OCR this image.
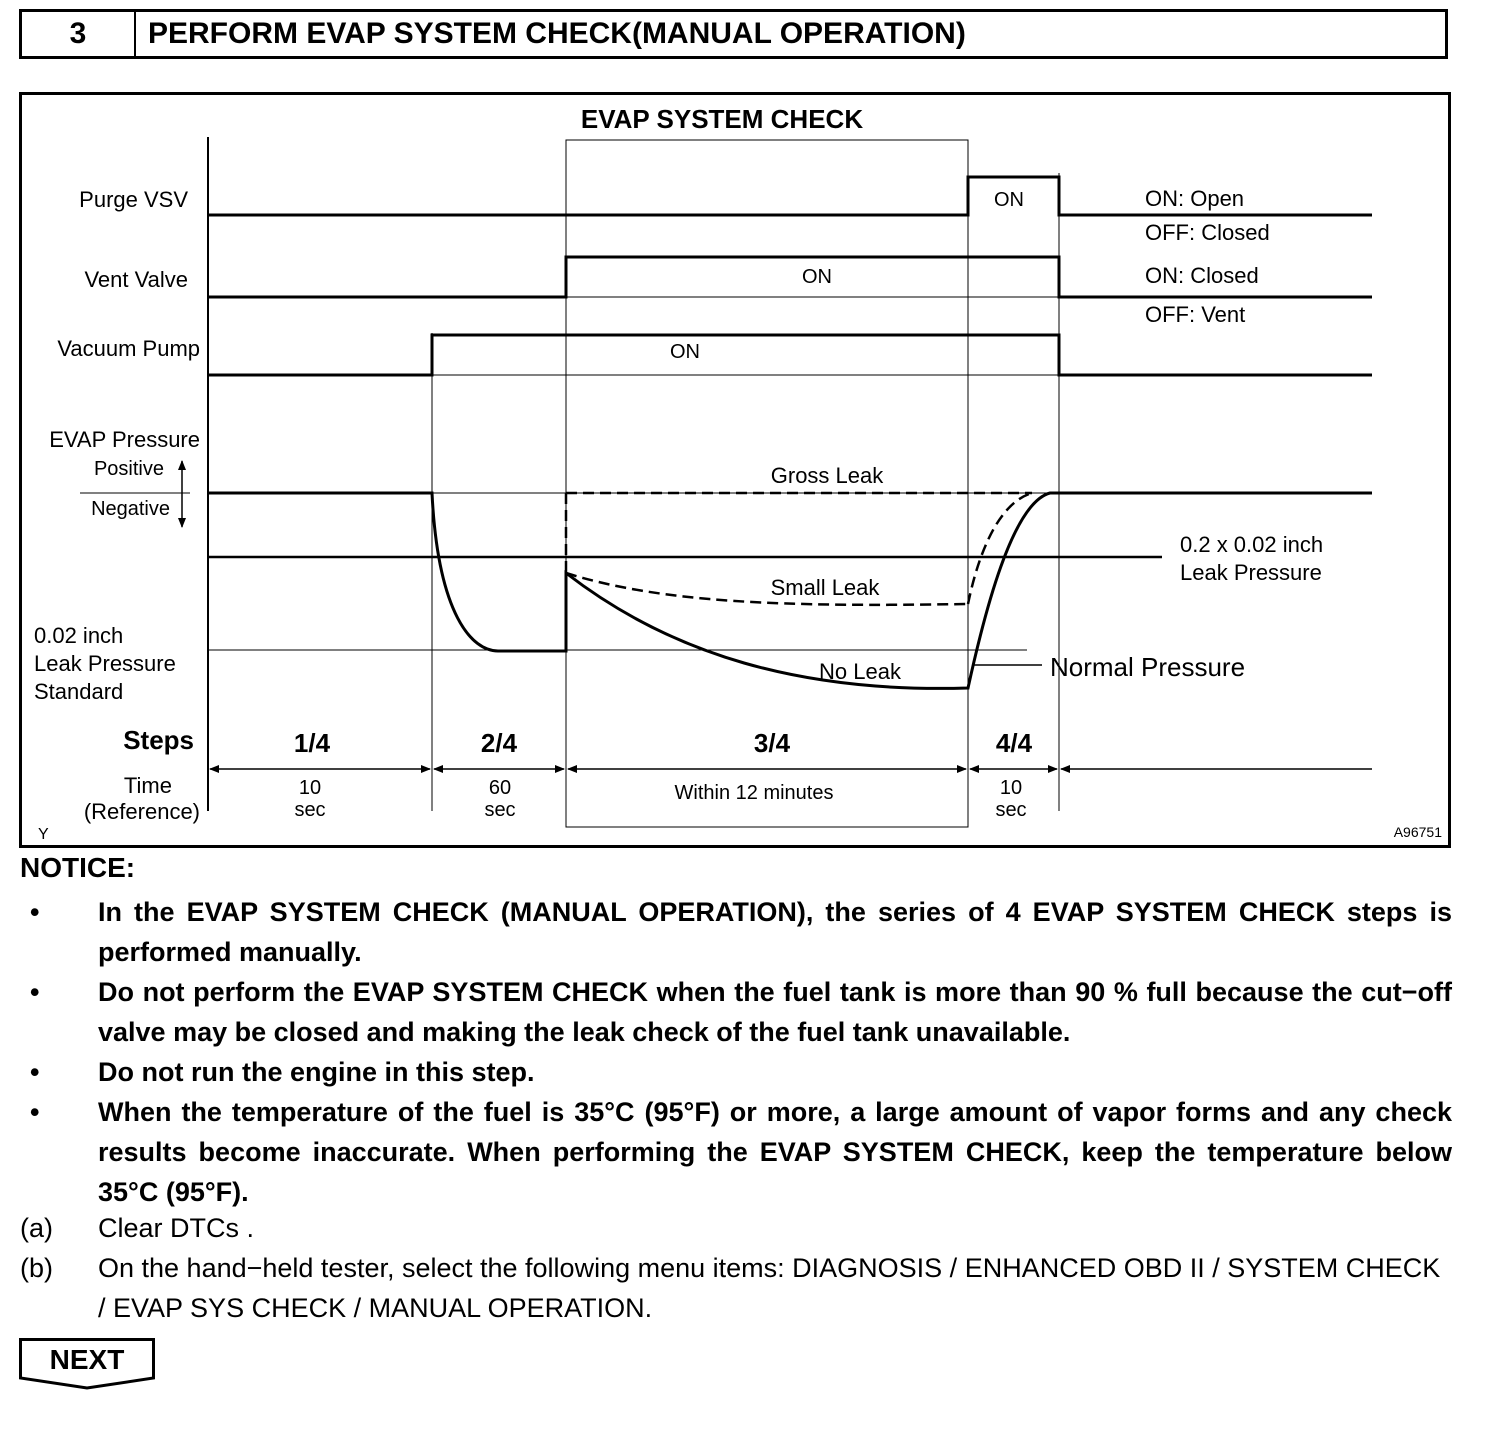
3	PERFORM EVAP SYSTEM CHECK(MANUAL OPERATION)
EVAP SYSTEM CHECK
Purge VSV
Vent Valve
Vacuum Pump
EVAP Pressure
Positive
Negative
ON
ON
ON
ON: Open
OFF: Closed
ON: Closed
OFF: Vent
Gross Leak
Small Leak
No Leak	Normal Pressure
0.2 x 0.02 inch
Leak Pressure
0.02 inch
Leak Pressure
Standard
Steps	1/4	2/4	3/4	4/4
Time
(Reference)
10
sec
60
sec
Within 12 minutes	10
sec
Y	A96751
NOTICE:
• In the EVAP SYSTEM CHECK (MANUAL OPERATION), the series of 4 EVAP SYSTEM CHECK steps is performed manually.
• Do not perform the EVAP SYSTEM CHECK when the fuel tank is more than 90 % full because the cut−off valve may be closed and making the leak check of the fuel tank unavailable.
• Do not run the engine in this step.
• When the temperature of the fuel is 35°C (95°F) or more, a large amount of vapor forms and any check results become inaccurate. When performing the EVAP SYSTEM CHECK, keep the temperature below 35°C (95°F).
(a) Clear DTCs .
(b) On the hand−held tester, select the following menu items: DIAGNOSIS / ENHANCED OBD II / SYSTEM CHECK / EVAP SYS CHECK / MANUAL OPERATION.
NEXT
